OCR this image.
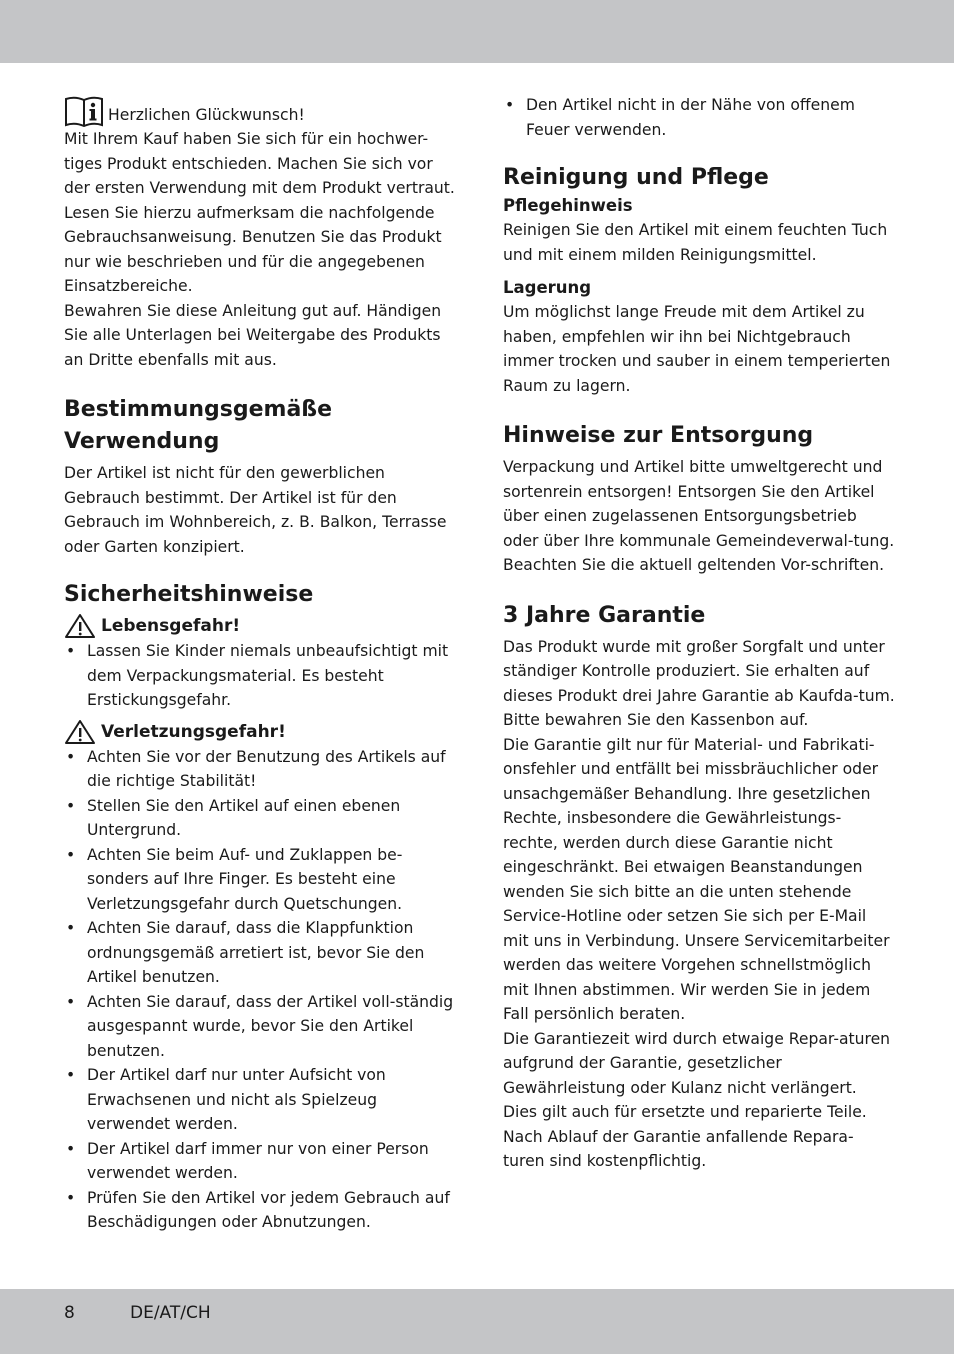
Herzlichen Glückwunsch!

Mit Ihrem Kauf haben Sie sich für ein hochwer-tiges Produkt entschieden. Machen Sie sich vor der ersten Verwendung mit dem Produkt vertraut. Lesen Sie hierzu aufmerksam die nachfolgende Gebrauchsanweisung. Benutzen Sie das Produkt nur wie beschrieben und für die angegebenen Einsatzbereiche.

Bewahren Sie diese Anleitung gut auf. Händigen Sie alle Unterlagen bei Weitergabe des Produkts an Dritte ebenfalls mit aus.

Bestimmungsgemäße
Verwendung

Der Artikel ist nicht für den gewerblichen Gebrauch bestimmt. Der Artikel ist für den Gebrauch im Wohnbereich, z. B. Balkon, Terrasse oder Garten konzipiert.

Sicherheitshinweise
Lebensgefahr!
• Lassen Sie Kinder niemals unbeaufsichtigt mit dem Verpackungsmaterial. Es besteht Erstickungsgefahr.
Verletzungsgefahr!
• Achten Sie vor der Benutzung des Artikels auf die richtige Stabilität!
• Stellen Sie den Artikel auf einen ebenen Untergrund.
• Achten Sie beim Auf- und Zuklappen be-sonders auf Ihre Finger. Es besteht eine Verletzungsgefahr durch Quetschungen.
• Achten Sie darauf, dass die Klappfunktion ordnungsgemäß arretiert ist, bevor Sie den Artikel benutzen.
• Achten Sie darauf, dass der Artikel voll-ständig ausgespannt wurde, bevor Sie den Artikel benutzen.
• Der Artikel darf nur unter Aufsicht von Erwachsenen und nicht als Spielzeug verwendet werden.
• Der Artikel darf immer nur von einer Person verwendet werden.
• Prüfen Sie den Artikel vor jedem Gebrauch auf Beschädigungen oder Abnutzungen.
• Den Artikel nicht in der Nähe von offenem Feuer verwenden.
Reinigung und Pflege
Pflegehinweis

Reinigen Sie den Artikel mit einem feuchten Tuch und mit einem milden Reinigungsmittel.

Lagerung

Um möglichst lange Freude mit dem Artikel zu haben, empfehlen wir ihn bei Nichtgebrauch immer trocken und sauber in einem temperierten Raum zu lagern.

Hinweise zur Entsorgung

Verpackung und Artikel bitte umweltgerecht und sortenrein entsorgen! Entsorgen Sie den Artikel über einen zugelassenen Entsorgungsbetrieb oder über Ihre kommunale Gemeindeverwal-tung. Beachten Sie die aktuell geltenden Vor-schriften.

3 Jahre Garantie

Das Produkt wurde mit großer Sorgfalt und unter ständiger Kontrolle produziert. Sie erhalten auf dieses Produkt drei Jahre Garantie ab Kaufda-tum. Bitte bewahren Sie den Kassenbon auf.

Die Garantie gilt nur für Material- und Fabrikati-onsfehler und entfällt bei missbräuchlicher oder unsachgemäßer Behandlung. Ihre gesetzlichen Rechte, insbesondere die Gewährleistungs-rechte, werden durch diese Garantie nicht eingeschränkt. Bei etwaigen Beanstandungen wenden Sie sich bitte an die unten stehende Service-Hotline oder setzen Sie sich per E-Mail mit uns in Verbindung. Unsere Servicemitarbeiter werden das weitere Vorgehen schnellstmöglich mit Ihnen abstimmen. Wir werden Sie in jedem Fall persönlich beraten.

Die Garantiezeit wird durch etwaige Repar-aturen aufgrund der Garantie, gesetzlicher Gewährleistung oder Kulanz nicht verlängert. Dies gilt auch für ersetzte und reparierte Teile. Nach Ablauf der Garantie anfallende Repara-turen sind kostenpflichtig.

8	DE/AT/CH
